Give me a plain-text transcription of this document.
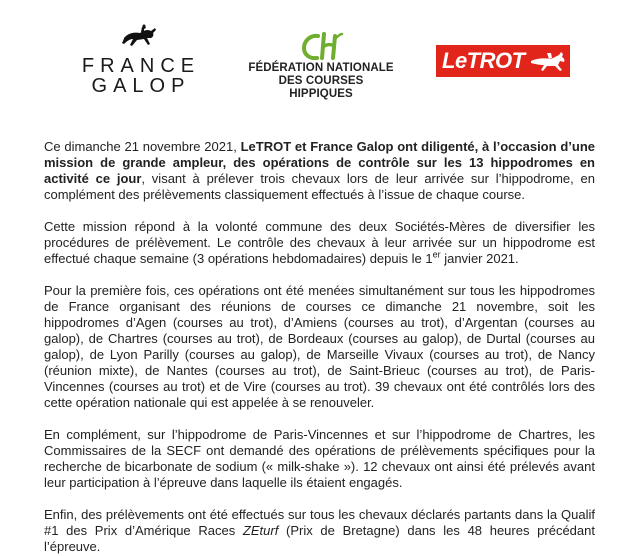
FRANCE
GALOP
FÉDÉRATION NATIONALE
DES COURSES HIPPIQUES
LeTROT

Ce dimanche 21 novembre 2021, LeTROT et France Galop ont diligenté, à l’occasion d’une mission de grande ampleur, des opérations de contrôle sur les 13 hippodromes en activité ce jour, visant à prélever trois chevaux lors de leur arrivée sur l’hippodrome, en complément des prélèvements classiquement effectués à l’issue de chaque course.

Cette mission répond à la volonté commune des deux Sociétés-Mères de diversifier les procédures de prélèvement. Le contrôle des chevaux à leur arrivée sur un hippodrome est effectué chaque semaine (3 opérations hebdomadaires) depuis le 1er janvier 2021.

Pour la première fois, ces opérations ont été menées simultanément sur tous les hippodromes de France organisant des réunions de courses ce dimanche 21 novembre, soit les hippodromes d’Agen (courses au trot), d’Amiens (courses au trot), d’Argentan (courses au galop), de Chartres (courses au trot), de Bordeaux (courses au galop), de Durtal (courses au galop), de Lyon Parilly (courses au galop), de Marseille Vivaux (courses au trot), de Nancy (réunion mixte), de Nantes (courses au trot), de Saint-Brieuc (courses au trot), de Paris-Vincennes (courses au trot) et de Vire (courses au trot). 39 chevaux ont été contrôlés lors des cette opération nationale qui est appelée à se renouveler.

En complément, sur l’hippodrome de Paris-Vincennes et sur l’hippodrome de Chartres, les Commissaires de la SECF ont demandé des opérations de prélèvements spécifiques pour la recherche de bicarbonate de sodium (« milk-shake »). 12 chevaux ont ainsi été prélevés avant leur participation à l’épreuve dans laquelle ils étaient engagés.

Enfin, des prélèvements ont été effectués sur tous les chevaux déclarés partants dans la Qualif #1 des Prix d’Amérique Races ZEturf (Prix de Bretagne) dans les 48 heures précédant l’épreuve.
